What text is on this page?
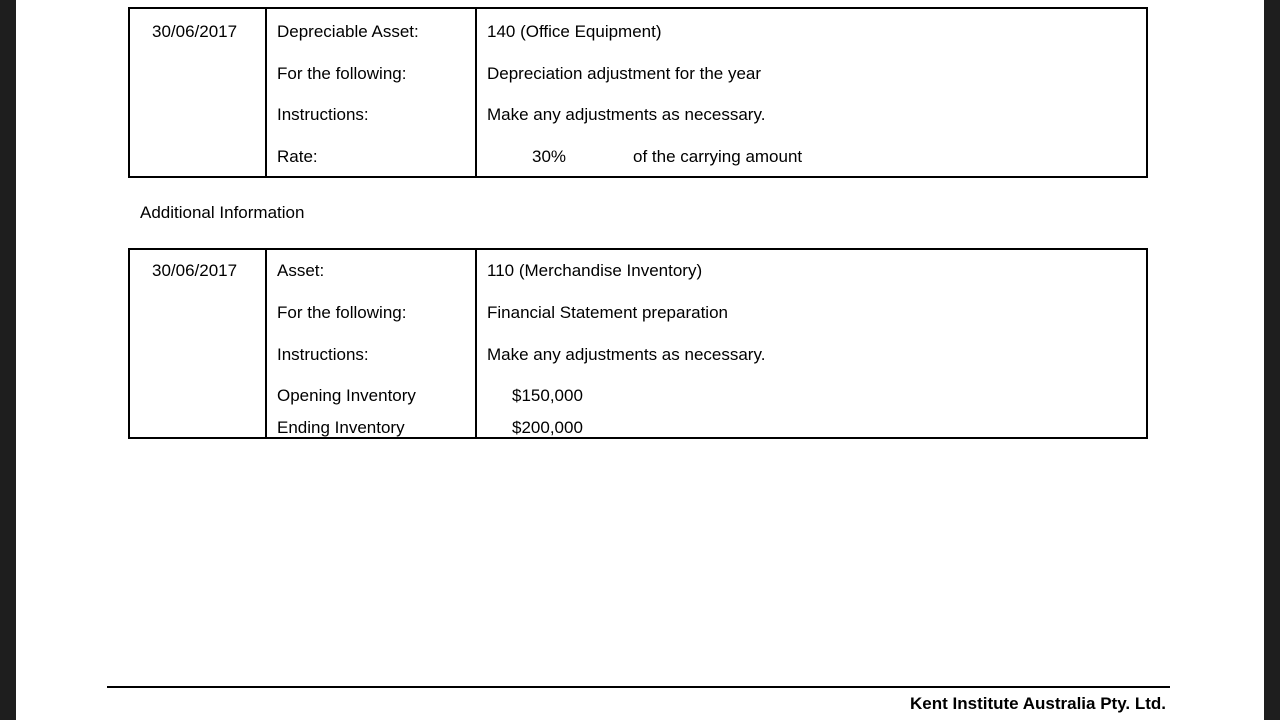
30/06/2017 Depreciable Asset:	140 (Office Equipment)
For the following:	Depreciation adjustment for the year
Instructions:	Make any adjustments as necessary.
Rate:	30%	of the carrying amount
Additional Information
30/06/2017 Asset:	110 (Merchandise Inventory)
For the following:	Financial Statement preparation
Instructions:	Make any adjustments as necessary.
Opening Inventory	$150,000
Ending Inventory	$200,000
Kent Institute Australia Pty. Ltd.
